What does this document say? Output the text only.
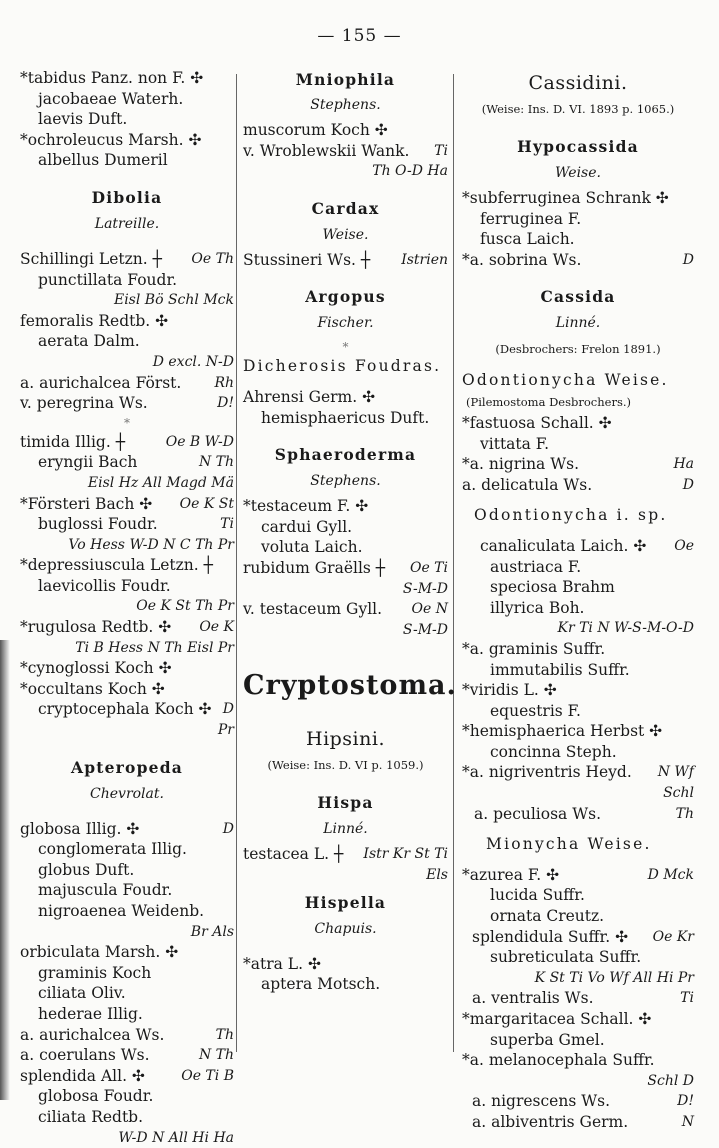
— 155 —
*tabidus Panz. non F. ✣
jacobaeae Waterh.
laevis Duft.
*ochroleucus Marsh. ✣
albellus Dumeril
Dibolia
Latreille.
Schillingi Letzn. ┼ Oe Th
punctillata Foudr.
Eisl Bö Schl Mck
femoralis Redtb. ✣
aerata Dalm.
D excl. N-D
a. aurichalcea Först. Rh
v. peregrina Ws.	D!
*
timida Illig. ┼	Oe B W-D
eryngii Bach	N Th
Eisl Hz All Magd Mä
*Försteri Bach ✣ Oe K St
buglossi Foudr.	Ti
Vo Hess W-D N C Th Pr
*depressiuscula Letzn. ┼
laevicollis Foudr.
Oe K St Th Pr
*rugulosa Redtb. ✣ Oe K
Ti B Hess N Th Eisl Pr
*cynoglossi Koch ✣
*occultans Koch ✣
cryptocephala Koch ✣ D
Pr
Apteropeda
Chevrolat.
globosa Illig. ✣	D
conglomerata Illig.
globus Duft.
majuscula Foudr.
nigroaenea Weidenb.
Br Als
orbiculata Marsh. ✣
graminis Koch
ciliata Oliv.
hederae Illig.
a. aurichalcea Ws.	Th
a. coerulans Ws.	N Th
splendida All. ✣	Oe Ti B
globosa Foudr.
ciliata Redtb.
W-D N All Hi Ha
Mniophila
Stephens.
muscorum Koch ✣
v. Wroblewskii Wank. Ti
Th O-D Ha
Cardax
Weise.
Stussineri Ws. ┼ Istrien
Argopus
Fischer.
*
Dicherosis Foudras.
Ahrensi Germ. ✣
hemisphaericus Duft.
Sphaeroderma
Stephens.
*testaceum F. ✣
cardui Gyll.
voluta Laich.
rubidum Graëlls ┼ Oe Ti
S-M-D
v. testaceum Gyll. Oe N
S-M-D
Cryptostoma.
Hipsini.
(Weise: Ins. D. VI p. 1059.)
Hispa
Linné.
testacea L. ┼ Istr Kr St Ti
Els
Hispella
Chapuis.
*atra L. ✣
aptera Motsch.
Cassidini.
(Weise: Ins. D. VI. 1893 p. 1065.)
Hypocassida
Weise.
*subferruginea Schrank ✣
ferruginea F.
fusca Laich.
*a. sobrina Ws.	D
Cassida
Linné.
(Desbrochers: Frelon 1891.)
Odontionycha Weise.
(Pilemostoma Desbrochers.)
*fastuosa Schall. ✣
vittata F.
*a. nigrina Ws.	Ha
a. delicatula Ws.	D
Odontionycha i. sp.
canaliculata Laich. ✣ Oe
austriaca F.
speciosa Brahm
illyrica Boh.
Kr Ti N W-S-M-O-D
*a. graminis Suffr.
immutabilis Suffr.
*viridis L. ✣
equestris F.
*hemisphaerica Herbst ✣
concinna Steph.
*a. nigriventris Heyd. N Wf
Schl
a. peculiosa Ws.	Th
Mionycha Weise.
*azurea F. ✣	D Mck
lucida Suffr.
ornata Creutz.
splendidula Suffr. ✣ Oe Kr
subreticulata Suffr.
K St Ti Vo Wf All Hi Pr
a. ventralis Ws.	Ti
*margaritacea Schall. ✣
superba Gmel.
*a. melanocephala Suffr.
Schl D
a. nigrescens Ws.	D!
a. albiventris Germ.	N
